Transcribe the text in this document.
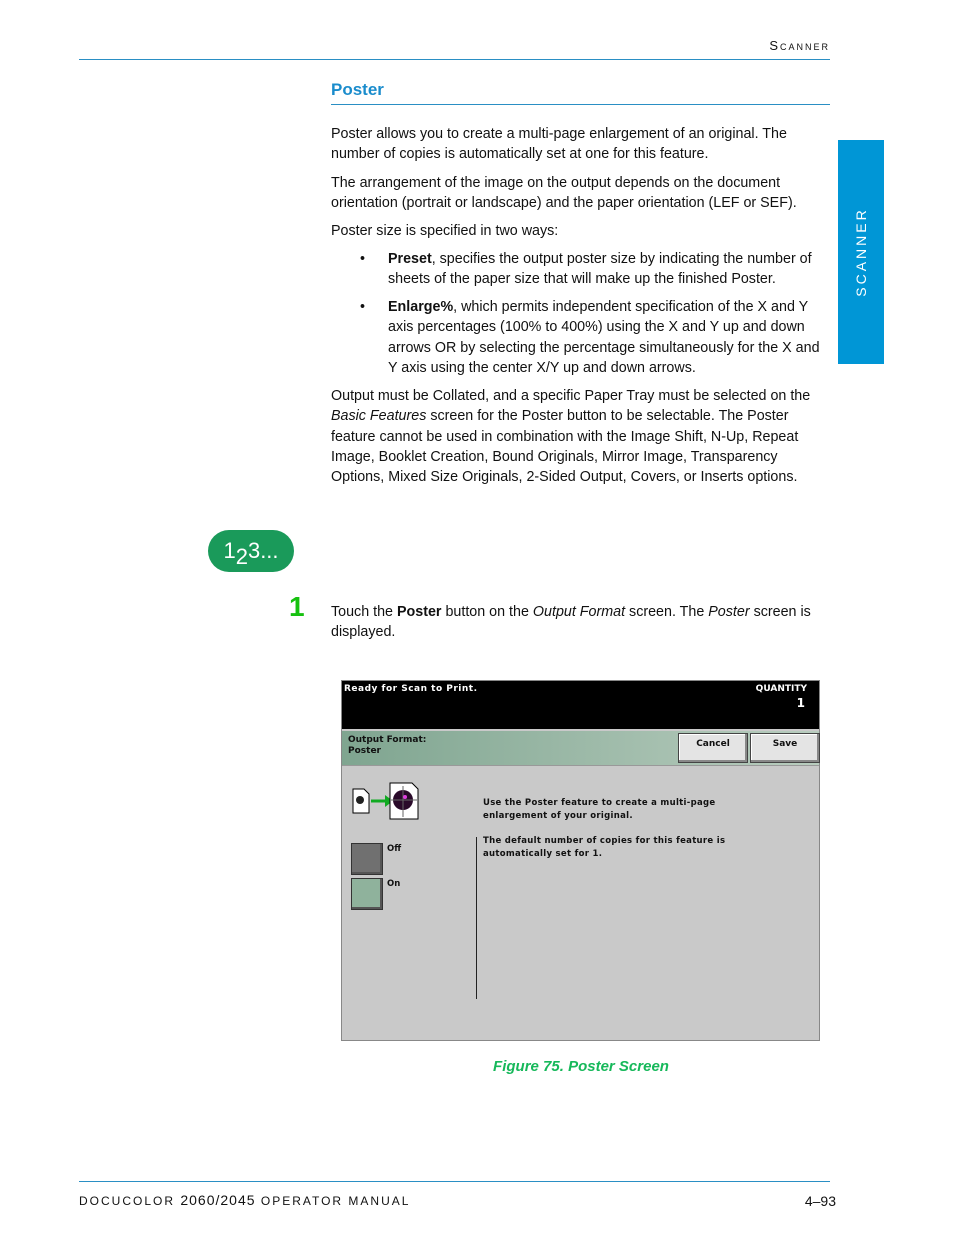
Scanner
SCANNER
Poster

Poster allows you to create a multi-page enlargement of an original. The number of copies is automatically set at one for this feature.

The arrangement of the image on the output depends on the document orientation (portrait or landscape) and the paper orientation (LEF or SEF).

Poster size is specified in two ways:

• Preset, specifies the output poster size by indicating the number of sheets of the paper size that will make up the finished Poster.
• Enlarge%, which permits independent specification of the X and Y axis percentages (100% to 400%) using the X and Y up and down arrows OR by selecting the percentage simultaneously for the X and Y axis using the center X/Y up and down arrows.

Output must be Collated, and a specific Paper Tray must be selected on the Basic Features screen for the Poster button to be selectable. The Poster feature cannot be used in combination with the Image Shift, N-Up, Repeat Image, Booklet Creation, Bound Originals, Mirror Image, Transparency Options, Mixed Size Originals, 2-Sided Output, Covers, or Inserts options.

123...
1 Touch the Poster button on the Output Format screen. The Poster screen is displayed.

Ready for Scan to Print.	QUANTITY
1
Output Format:
Poster
Cancel	Save
Use the Poster feature to create a multi-page
enlargement of your original.
The default number of copies for this feature is
automatically set for 1.
Off
On
Figure 75. Poster Screen
DOCUCOLOR 2060/2045 OPERATOR MANUAL	4–93
